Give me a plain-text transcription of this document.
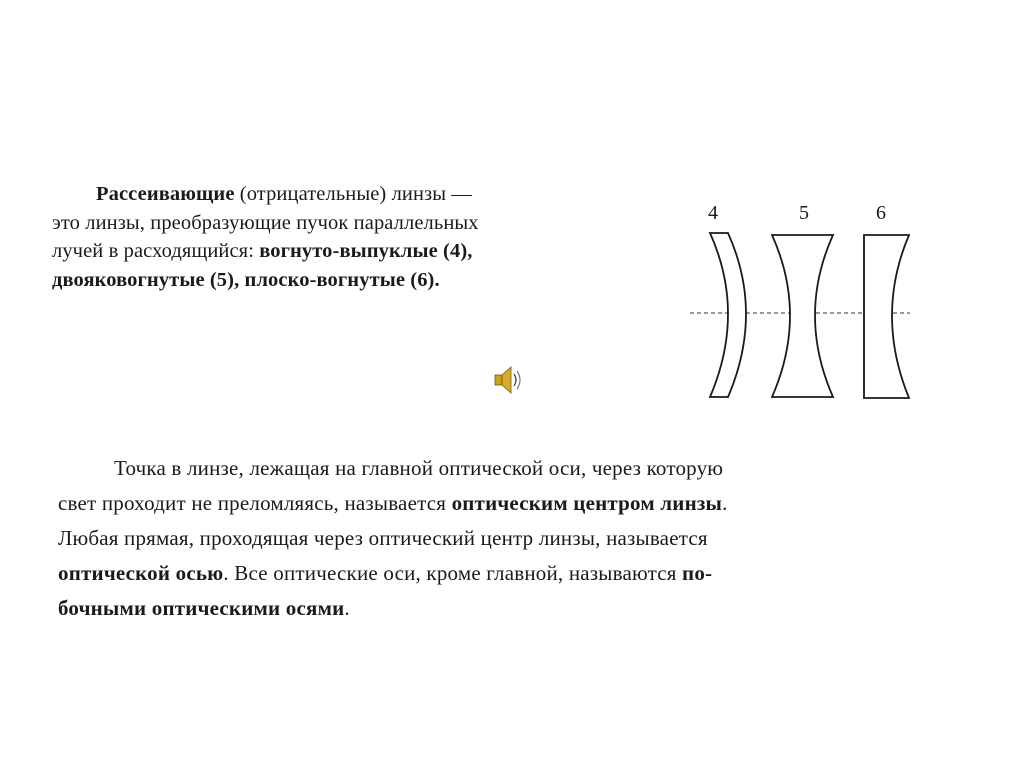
Рассеивающие (отрицательные) линзы —
это линзы, преобразующие пучок параллельных
лучей в расходящийся: вогнуто-выпуклые (4),
двояковогнутые (5), плоско-вогнутые (6).
4	5	6
Точка в линзе, лежащая на главной оптической оси, через которую
свет проходит не преломляясь, называется оптическим центром линзы.
Любая прямая, проходящая через оптический центр линзы, называется
оптической осью. Все оптические оси, кроме главной, называются по-
бочными оптическими осями.
